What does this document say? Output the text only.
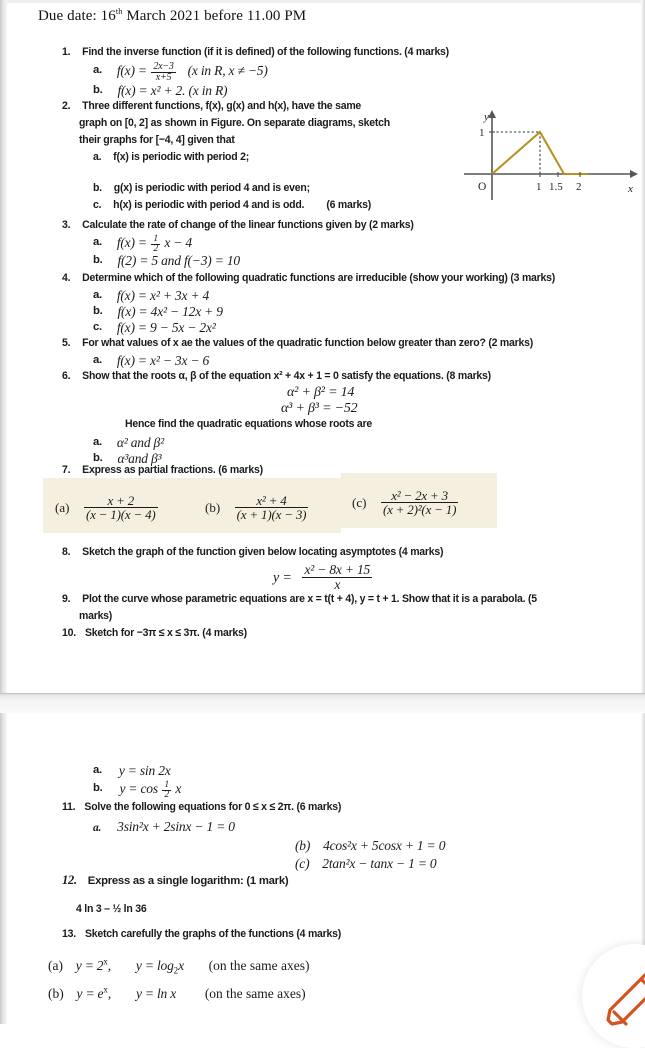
Due date: 16th March 2021 before 11.00 PM
1. Find the inverse function (if it is defined) of the following functions. (4 marks)
a. $f(x) = \frac{2x-3}{x+5} (x$ in R, x ≠ −5)
b. f(x) = x² + 2. (x in R)
2. Three different functions, f(x), g(x) and h(x), have the same
graph on [0, 2] as shown in Figure. On separate diagrams, sketch
their graphs for [−4, 4] given that
a. f(x) is periodic with period 2;
b. g(x) is periodic with period 4 and is even;
c. h(x) is periodic with period 4 and is odd. (6 marks)
y
x
1
O	1 1.5 2
3. Calculate the rate of change of the linear functions given by (2 marks)
a. $f(x) = \frac{1}{2}$ x − 4
b. f(2) = 5 and f(−3) = 10
4. Determine which of the following quadratic functions are irreducible (show your working) (3 marks)
a. f(x) = x² + 3x + 4
b. f(x) = 4x² − 12x + 9
c. f(x) = 9 − 5x − 2x²
5. For what values of x ae the values of the quadratic function below greater than zero? (2 marks)
a. f(x) = x² − 3x − 6
6. Show that the roots α, β of the equation x² + 4x + 1 = 0 satisfy the equations. (8 marks)
α² + β² = 14
α³ + β³ = −52
Hence find the quadratic equations whose roots are
a. α² and β²
b. α³and β³
7. Express as partial fractions. (6 marks)
$(a) \frac{x + 2}{(x - 1)(x - 4)}$	$(b) \frac{\text{x² + 4}}{(x + 1)(x - 3)}$	$(c) \frac{\text{x² − 2x + 3}}{\text{(x + 2)²(x − 1)}}$
8. Sketch the graph of the function given below locating asymptotes (4 marks)
$y = \frac{\text{x² − 8x + 15}}{x}$
9. Plot the curve whose parametric equations are x = t(t + 4), y = t + 1. Show that it is a parabola. (5
marks)
10. Sketch for −3π ≤ x ≤ 3π. (4 marks)
a. y = sin 2x
b. $y = \cos \frac{1}{2}$ x
11. Solve the following equations for 0 ≤ x ≤ 2π. (6 marks)
a. 3sin²x + 2sinx − 1 = 0
(b) 4cos²x + 5cosx + 1 = 0
(c) 2tan²x − tanx − 1 = 0
12. Express as a single logarithm: (1 mark)
4 ln 3 – ½ ln 36
13. Sketch carefully the graphs of the functions (4 marks)
(a) $y = 2^x$, $y = \log_2x$ (on the same axes)
(b) $y = e^x$, y = ln x (on the same axes)
